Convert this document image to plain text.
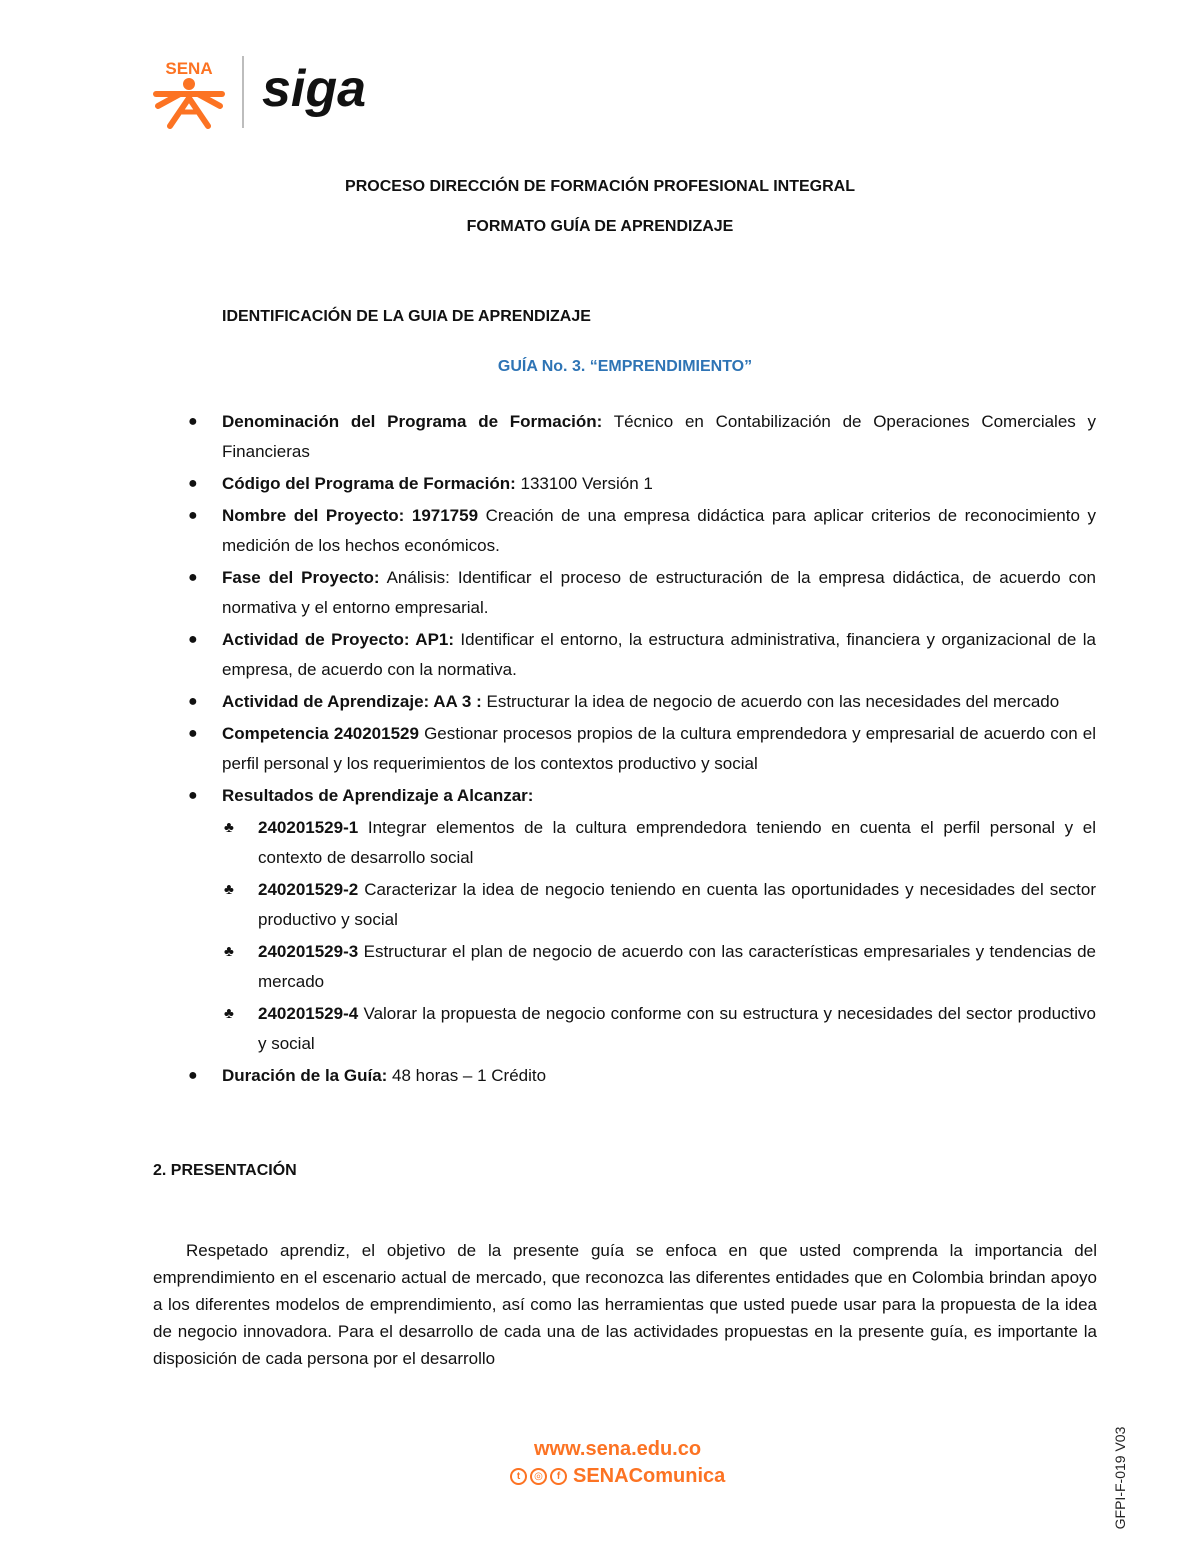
SENA siga
PROCESO DIRECCIÓN DE FORMACIÓN PROFESIONAL INTEGRAL
FORMATO GUÍA DE APRENDIZAJE
IDENTIFICACIÓN DE LA GUIA DE APRENDIZAJE
GUÍA No. 3. “EMPRENDIMIENTO”
● Denominación del Programa de Formación: Técnico en Contabilización de Operaciones Comerciales y Financieras
● Código del Programa de Formación: 133100 Versión 1
● Nombre del Proyecto: 1971759 Creación de una empresa didáctica para aplicar criterios de reconocimiento y medición de los hechos económicos.
● Fase del Proyecto: Análisis: Identificar el proceso de estructuración de la empresa didáctica, de acuerdo con normativa y el entorno empresarial.
● Actividad de Proyecto: AP1: Identificar el entorno, la estructura administrativa, financiera y organizacional de la empresa, de acuerdo con la normativa.
● Actividad de Aprendizaje: AA 3 : Estructurar la idea de negocio de acuerdo con las necesidades del mercado
● Competencia 240201529 Gestionar procesos propios de la cultura emprendedora y empresarial de acuerdo con el perfil personal y los requerimientos de los contextos productivo y social
● Resultados de Aprendizaje a Alcanzar:
♣ 240201529-1 Integrar elementos de la cultura emprendedora teniendo en cuenta el perfil personal y el contexto de desarrollo social
♣ 240201529-2 Caracterizar la idea de negocio teniendo en cuenta las oportunidades y necesidades del sector productivo y social
♣ 240201529-3 Estructurar el plan de negocio de acuerdo con las características empresariales y tendencias de mercado
♣ 240201529-4 Valorar la propuesta de negocio conforme con su estructura y necesidades del sector productivo y social
● Duración de la Guía: 48 horas – 1 Crédito
2. PRESENTACIÓN
Respetado aprendiz, el objetivo de la presente guía se enfoca en que usted comprenda la importancia del emprendimiento en el escenario actual de mercado, que reconozca las diferentes entidades que en Colombia brindan apoyo a los diferentes modelos de emprendimiento, así como las herramientas que usted puede usar para la propuesta de la idea de negocio innovadora. Para el desarrollo de cada una de las actividades propuestas en la presente guía, es importante la disposición de cada persona por el desarrollo
www.sena.edu.co
t	◎	f SENAComunica	GFPI-F-019 V03
